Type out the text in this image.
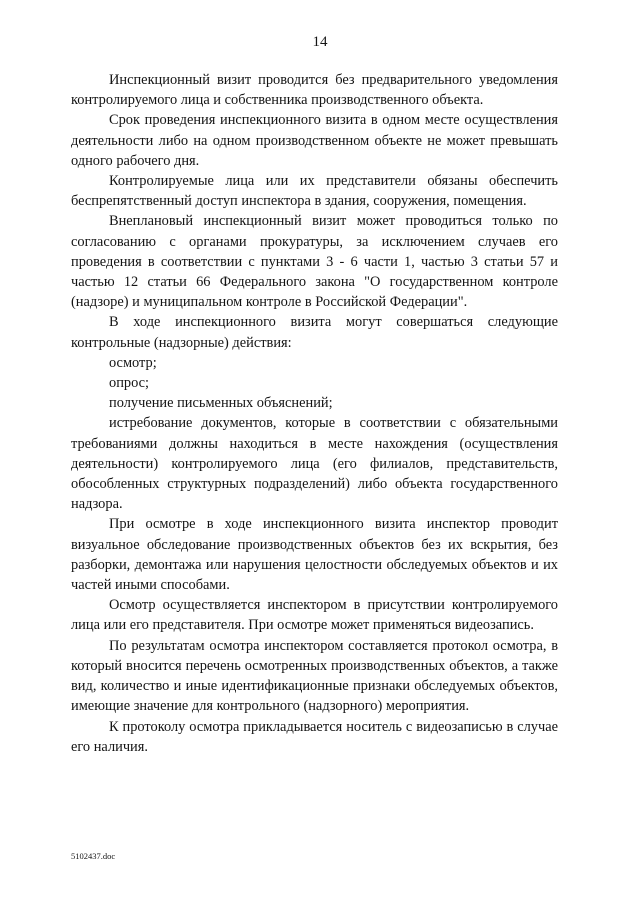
14

Инспекционный визит проводится без предварительного уведомления контролируемого лица и собственника производственного объекта.

Срок проведения инспекционного визита в одном месте осуществления деятельности либо на одном производственном объекте не может превышать одного рабочего дня.

Контролируемые лица или их представители обязаны обеспечить беспрепятственный доступ инспектора в здания, сооружения, помещения.

Внеплановый инспекционный визит может проводиться только по согласованию с органами прокуратуры, за исключением случаев его проведения в соответствии с пунктами 3 - 6 части 1, частью 3 статьи 57 и частью 12 статьи 66 Федерального закона "О государственном контроле (надзоре) и муниципальном контроле в Российской Федерации".

В ходе инспекционного визита могут совершаться следующие контрольные (надзорные) действия:

осмотр;

опрос;

получение письменных объяснений;

истребование документов, которые в соответствии с обязательными требованиями должны находиться в месте нахождения (осуществления деятельности) контролируемого лица (его филиалов, представительств, обособленных структурных подразделений) либо объекта государственного надзора.

При осмотре в ходе инспекционного визита инспектор проводит визуальное обследование производственных объектов без их вскрытия, без разборки, демонтажа или нарушения целостности обследуемых объектов и их частей иными способами.

Осмотр осуществляется инспектором в присутствии контролируемого лица или его представителя. При осмотре может применяться видеозапись.

По результатам осмотра инспектором составляется протокол осмотра, в который вносится перечень осмотренных производственных объектов, а также вид, количество и иные идентификационные признаки обследуемых объектов, имеющие значение для контрольного (надзорного) мероприятия.

К протоколу осмотра прикладывается носитель с видеозаписью в случае его наличия.

5102437.doc
